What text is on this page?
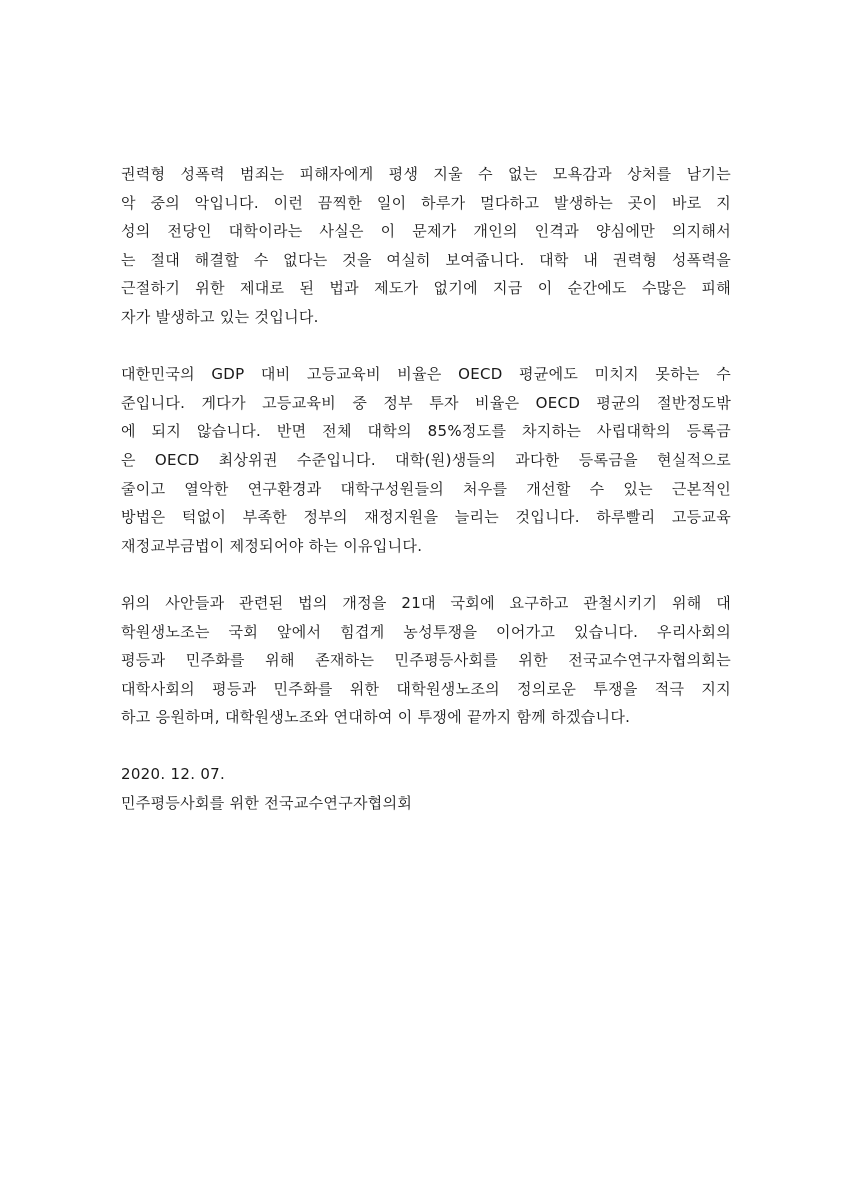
권력형 성폭력 범죄는 피해자에게 평생 지울 수 없는 모욕감과 상처를 남기는
악 중의 악입니다. 이런 끔찍한 일이 하루가 멀다하고 발생하는 곳이 바로 지
성의 전당인 대학이라는 사실은 이 문제가 개인의 인격과 양심에만 의지해서
는 절대 해결할 수 없다는 것을 여실히 보여줍니다. 대학 내 권력형 성폭력을
근절하기 위한 제대로 된 법과 제도가 없기에 지금 이 순간에도 수많은 피해
자가 발생하고 있는 것입니다.

대한민국의 GDP 대비 고등교육비 비율은 OECD 평균에도 미치지 못하는 수
준입니다. 게다가 고등교육비 중 정부 투자 비율은 OECD 평균의 절반정도밖
에 되지 않습니다. 반면 전체 대학의 85%정도를 차지하는 사립대학의 등록금
은 OECD 최상위권 수준입니다. 대학(원)생들의 과다한 등록금을 현실적으로
줄이고 열악한 연구환경과 대학구성원들의 처우를 개선할 수 있는 근본적인
방법은 턱없이 부족한 정부의 재정지원을 늘리는 것입니다. 하루빨리 고등교육
재정교부금법이 제정되어야 하는 이유입니다.

위의 사안들과 관련된 법의 개정을 21대 국회에 요구하고 관철시키기 위해 대
학원생노조는 국회 앞에서 힘겹게 농성투쟁을 이어가고 있습니다. 우리사회의
평등과 민주화를 위해 존재하는 민주평등사회를 위한 전국교수연구자협의회는
대학사회의 평등과 민주화를 위한 대학원생노조의 정의로운 투쟁을 적극 지지
하고 응원하며, 대학원생노조와 연대하여 이 투쟁에 끝까지 함께 하겠습니다.

2020. 12. 07.
민주평등사회를 위한 전국교수연구자협의회
